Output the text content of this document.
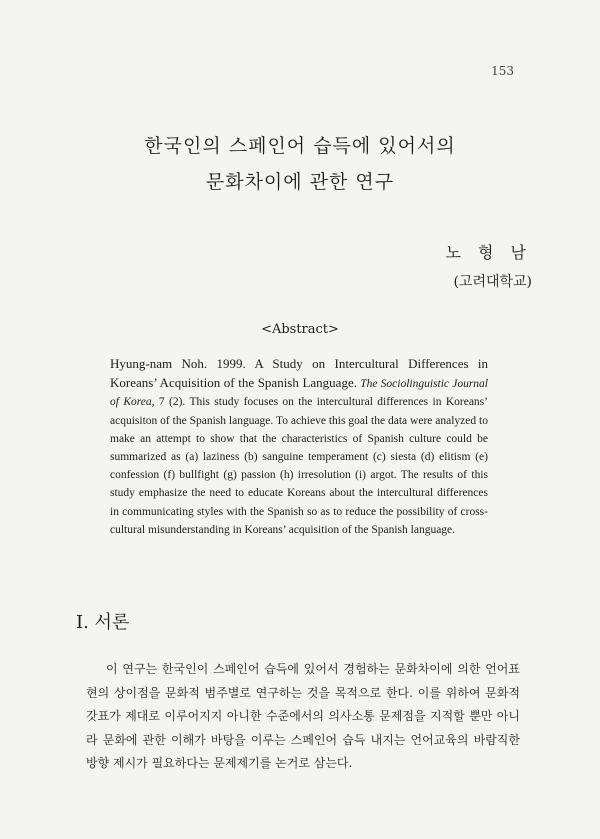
153
한국인의 스페인어 습득에 있어서의
문화차이에 관한 연구
노 형 남
(고려대학교)
<Abstract>
Hyung-nam Noh. 1999. A Study on Intercultural Differences in Koreans’ Acquisition of the Spanish Language. The Sociolinguistic Journal of Korea, 7 (2). This study focuses on the intercultural differences in Koreans’ acquisiton of the Spanish language. To achieve this goal the data were analyzed to make an attempt to show that the characteristics of Spanish culture could be summarized as (a) laziness (b) sanguine temperament (c) siesta (d) elitism (e) confession (f) bullfight (g) passion (h) irresolution (i) argot. The results of this study emphasize the need to educate Koreans about the intercultural differences in communicating styles with the Spanish so as to reduce the possibility of cross-cultural misunderstanding in Koreans’ acquisition of the Spanish language.
I. 서론
이 연구는 한국인이 스페인어 습득에 있어서 경험하는 문화차이에 의한 언어표현의 상이점을 문화적 범주별로 연구하는 것을 목적으로 한다. 이를 위하여 문화적 갓표가 제대로 이루어지지 아니한 수준에서의 의사소통 문제점을 지적할 뿐만 아니라 문화에 관한 이해가 바탕을 이루는 스페인어 습득 내지는 언어교육의 바람직한 방향 제시가 필요하다는 문제제기를 논거로 삼는다.
